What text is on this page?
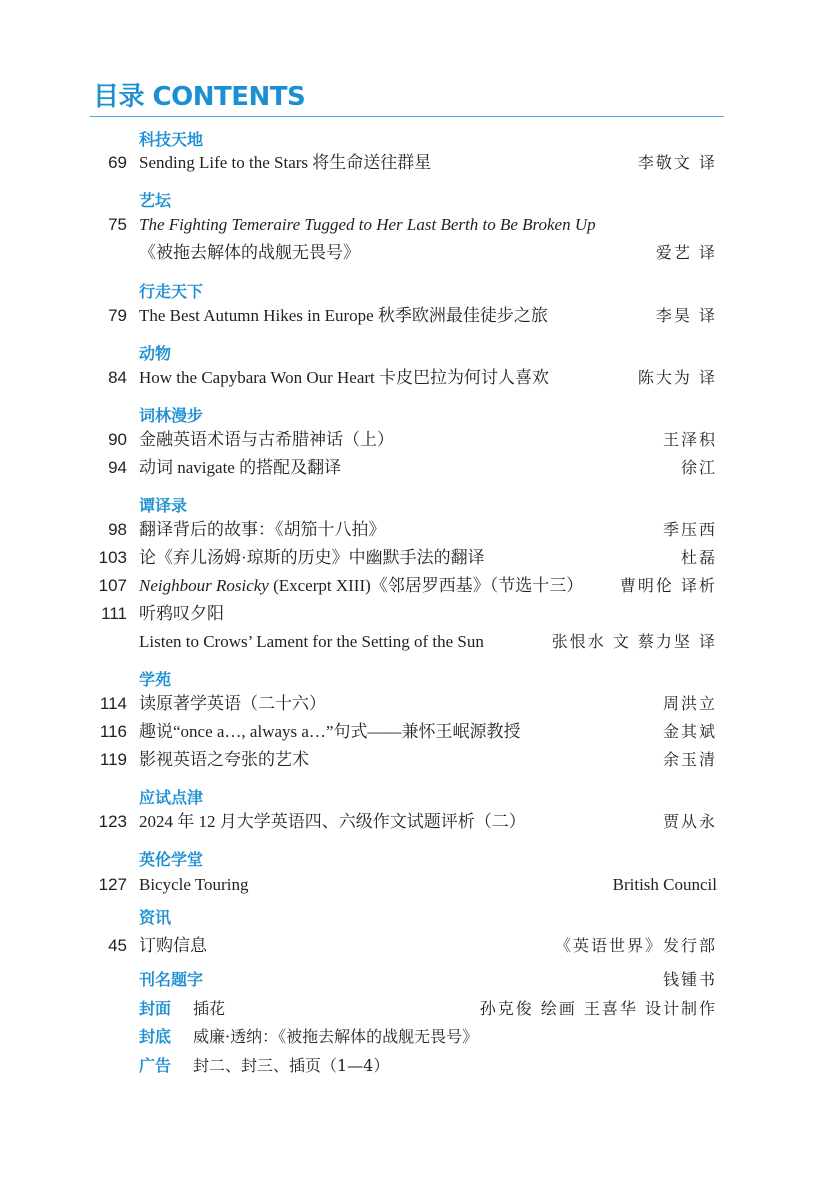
目录 CONTENTS
科技天地
69 Sending Life to the Stars 将生命送往群星	李敬文 译
艺坛
75 The Fighting Temeraire Tugged to Her Last Berth to Be Broken Up
《被拖去解体的战舰无畏号》	爱艺 译
行走天下
79 The Best Autumn Hikes in Europe 秋季欧洲最佳徒步之旅	李昊 译
动物
84 How the Capybara Won Our Heart 卡皮巴拉为何讨人喜欢	陈大为 译
词林漫步
90 金融英语术语与古希腊神话（上）	王泽积
94 动词 navigate 的搭配及翻译	徐江
谭译录
98 翻译背后的故事：《胡笳十八拍》	季压西
103 论《弃儿汤姆·琼斯的历史》中幽默手法的翻译	杜磊
107 Neighbour Rosicky (Excerpt XIII)《邻居罗西基》（节选十三） 曹明伦 译析
111 听鸦叹夕阳
Listen to Crows’ Lament for the Setting of the Sun	张恨水 文 蔡力坚 译
学苑
114 读原著学英语（二十六）	周洪立
116 趣说“once a…, always a…”句式——兼怀王岷源教授	金其斌
119 影视英语之夸张的艺术	余玉清
应试点津
123 2024 年 12 月大学英语四、六级作文试题评析（二）	贾从永
英伦学堂
127 Bicycle Touring	British Council
资讯
45 订购信息	《英语世界》发行部
刊名题字	钱锺书
封面 插花	孙克俊 绘画 王喜华 设计制作
封底 威廉·透纳：《被拖去解体的战舰无畏号》
广告 封二、封三、插页（1—4）
